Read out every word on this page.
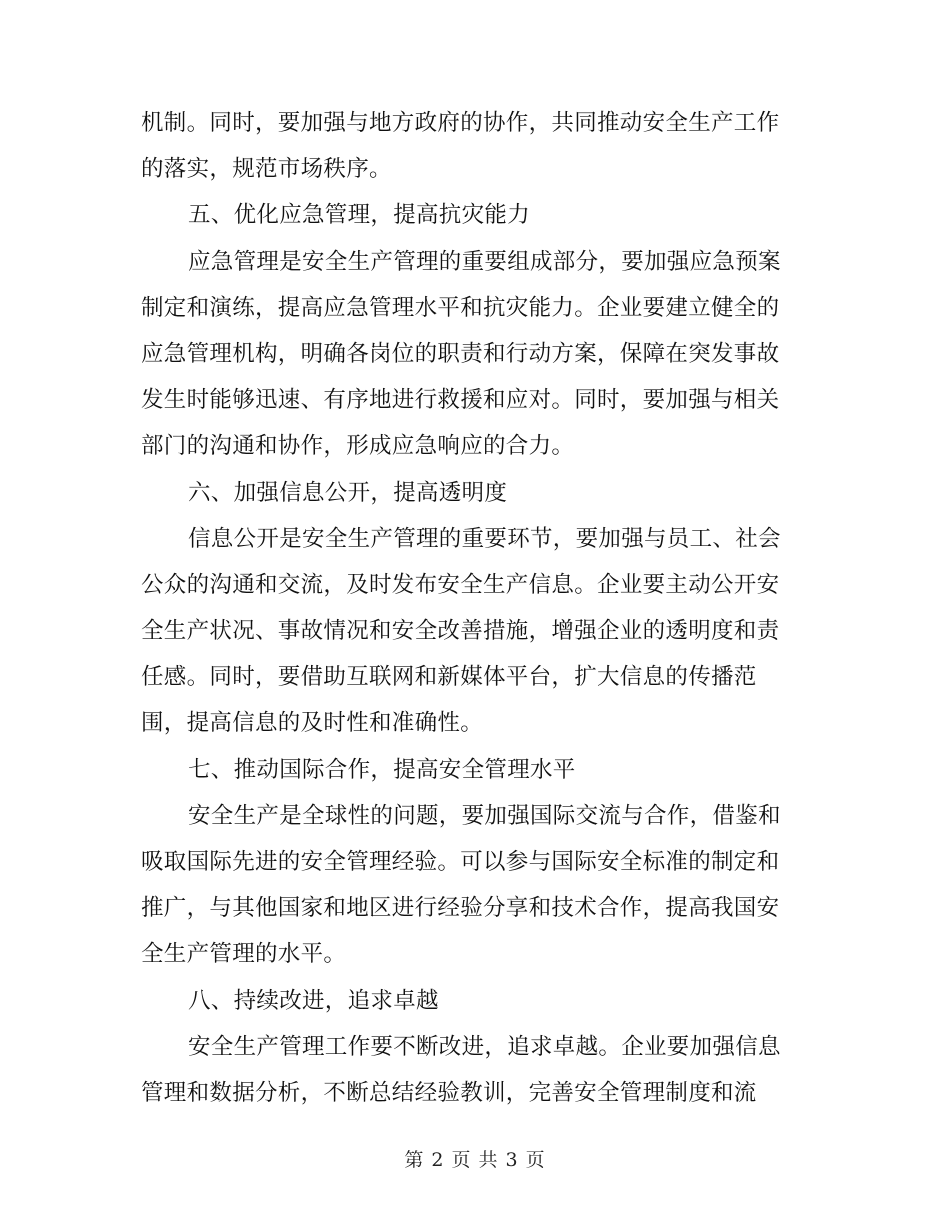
机制。同时，要加强与地方政府的协作，共同推动安全生产工作
的落实，规范市场秩序。
五、优化应急管理，提高抗灾能力
应急管理是安全生产管理的重要组成部分，要加强应急预案
制定和演练，提高应急管理水平和抗灾能力。企业要建立健全的
应急管理机构，明确各岗位的职责和行动方案，保障在突发事故
发生时能够迅速、有序地进行救援和应对。同时，要加强与相关
部门的沟通和协作，形成应急响应的合力。
六、加强信息公开，提高透明度
信息公开是安全生产管理的重要环节，要加强与员工、社会
公众的沟通和交流，及时发布安全生产信息。企业要主动公开安
全生产状况、事故情况和安全改善措施，增强企业的透明度和责
任感。同时，要借助互联网和新媒体平台，扩大信息的传播范
围，提高信息的及时性和准确性。
七、推动国际合作，提高安全管理水平
安全生产是全球性的问题，要加强国际交流与合作，借鉴和
吸取国际先进的安全管理经验。可以参与国际安全标准的制定和
推广，与其他国家和地区进行经验分享和技术合作，提高我国安
全生产管理的水平。
八、持续改进，追求卓越
安全生产管理工作要不断改进，追求卓越。企业要加强信息
管理和数据分析，不断总结经验教训，完善安全管理制度和流
第 2 页 共 3 页
